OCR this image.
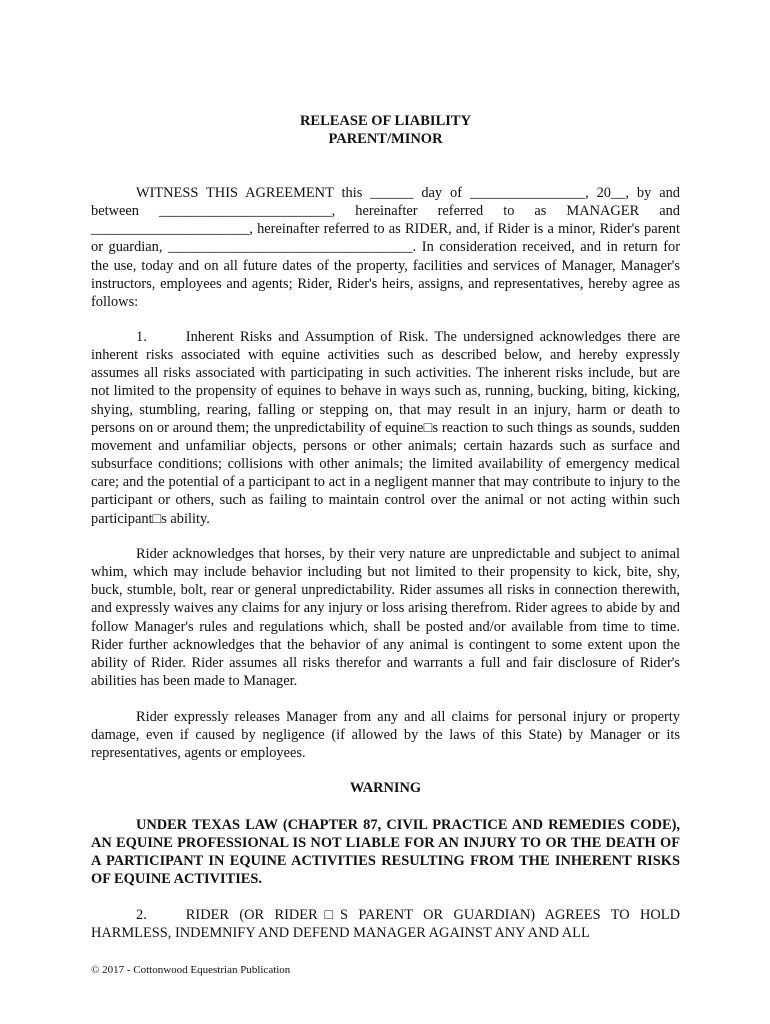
RELEASE OF LIABILITY
PARENT/MINOR
WITNESS THIS AGREEMENT this ______ day of ________________, 20__, by and between ________________________, hereinafter referred to as MANAGER and ______________________, hereinafter referred to as RIDER, and, if Rider is a minor, Rider's parent or guardian, __________________________________. In consideration received, and in return for the use, today and on all future dates of the property, facilities and services of Manager, Manager's instructors, employees and agents; Rider, Rider's heirs, assigns, and representatives, hereby agree as follows:
1.	Inherent Risks and Assumption of Risk. The undersigned acknowledges there are inherent risks associated with equine activities such as described below, and hereby expressly assumes all risks associated with participating in such activities. The inherent risks include, but are not limited to the propensity of equines to behave in ways such as, running, bucking, biting, kicking, shying, stumbling, rearing, falling or stepping on, that may result in an injury, harm or death to persons on or around them; the unpredictability of equine□s reaction to such things as sounds, sudden movement and unfamiliar objects, persons or other animals; certain hazards such as surface and subsurface conditions; collisions with other animals; the limited availability of emergency medical care; and the potential of a participant to act in a negligent manner that may contribute to injury to the participant or others, such as failing to maintain control over the animal or not acting within such participant□s ability.
Rider acknowledges that horses, by their very nature are unpredictable and subject to animal whim, which may include behavior including but not limited to their propensity to kick, bite, shy, buck, stumble, bolt, rear or general unpredictability. Rider assumes all risks in connection therewith, and expressly waives any claims for any injury or loss arising therefrom. Rider agrees to abide by and follow Manager's rules and regulations which, shall be posted and/or available from time to time. Rider further acknowledges that the behavior of any animal is contingent to some extent upon the ability of Rider. Rider assumes all risks therefor and warrants a full and fair disclosure of Rider's abilities has been made to Manager.
Rider expressly releases Manager from any and all claims for personal injury or property damage, even if caused by negligence (if allowed by the laws of this State) by Manager or its representatives, agents or employees.
WARNING
UNDER TEXAS LAW (CHAPTER 87, CIVIL PRACTICE AND REMEDIES CODE), AN EQUINE PROFESSIONAL IS NOT LIABLE FOR AN INJURY TO OR THE DEATH OF A PARTICIPANT IN EQUINE ACTIVITIES RESULTING FROM THE INHERENT RISKS OF EQUINE ACTIVITIES.
2.	RIDER (OR RIDER□S PARENT OR GUARDIAN) AGREES TO HOLD HARMLESS, INDEMNIFY AND DEFEND MANAGER AGAINST ANY AND ALL
© 2017 - Cottonwood Equestrian Publication
